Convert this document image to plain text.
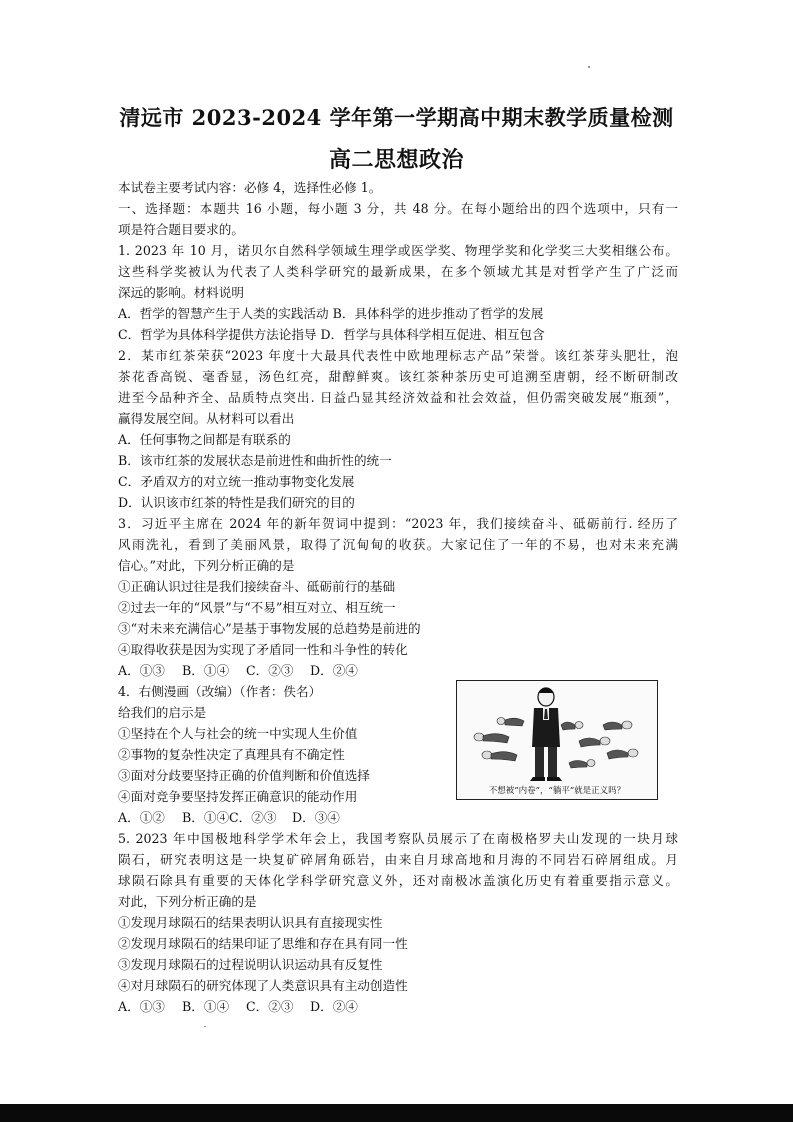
清远市 2023-2024 学年第一学期高中期末教学质量检测
高二思想政治
本试卷主要考试内容：必修 4，选择性必修 1。
一、选择题：本题共 16 小题，每小题 3 分，共 48 分。在每小题给出的四个选项中，只有一
项是符合题目要求的。
1. 2023 年 10 月，诺贝尔自然科学领域生理学或医学奖、物理学奖和化学奖三大奖相继公布。
这些科学奖被认为代表了人类科学研究的最新成果，在多个领域尤其是对哲学产生了广泛而
深远的影响。材料说明
A．哲学的智慧产生于人类的实践活动 B．具体科学的进步推动了哲学的发展
C．哲学为具体科学提供方法论指导 D．哲学与具体科学相互促进、相互包含
2．某市红茶荣获“2023 年度十大最具代表性中欧地理标志产品”荣誉。该红茶芽头肥壮，泡
茶花香高锐、毫香显，汤色红亮，甜醇鲜爽。该红茶种茶历史可追溯至唐朝，经不断研制改
进至今品种齐全、品质特点突出. 日益凸显其经济效益和社会效益，但仍需突破发展“瓶颈”，
赢得发展空间。从材料可以看出
A．任何事物之间都是有联系的
B．该市红茶的发展状态是前进性和曲折性的统一
C．矛盾双方的对立统一推动事物变化发展
D．认识该市红茶的特性是我们研究的目的
3．习近平主席在 2024 年的新年贺词中提到：“2023 年，我们接续奋斗、砥砺前行. 经历了
风雨洗礼，看到了美丽风景，取得了沉甸甸的收获。大家记住了一年的不易，也对未来充满
信心。”对此，下列分析正确的是
①正确认识过往是我们接续奋斗、砥砺前行的基础
②过去一年的“风景”与“不易”相互对立、相互统一
③“对未来充满信心”是基于事物发展的总趋势是前进的
④取得收获是因为实现了矛盾同一性和斗争性的转化
A．①③ B．①④ C．②③ D．②④
4．右侧漫画（改编）（作者：佚名）
给我们的启示是
①坚持在个人与社会的统一中实现人生价值
②事物的复杂性决定了真理具有不确定性
③面对分歧要坚持正确的价值判断和价值选择
④面对竞争要坚持发挥正确意识的能动作用
A．①② B．①④C．②③ D．③④
不想被“内卷”，“躺平”就是正义吗？
5. 2023 年中国极地科学学术年会上，我国考察队员展示了在南极格罗夫山发现的一块月球
陨石，研究表明这是一块复矿碎屑角砾岩，由来自月球高地和月海的不同岩石碎屑组成。月
球陨石除具有重要的天体化学科学研究意义外，还对南极冰盖演化历史有着重要指示意义。
对此，下列分析正确的是
①发现月球陨石的结果表明认识具有直接现实性
②发现月球陨石的结果印证了思维和存在具有同一性
③发现月球陨石的过程说明认识运动具有反复性
④对月球陨石的研究体现了人类意识具有主动创造性
A．①③ B．①④ C．②③ D．②④
